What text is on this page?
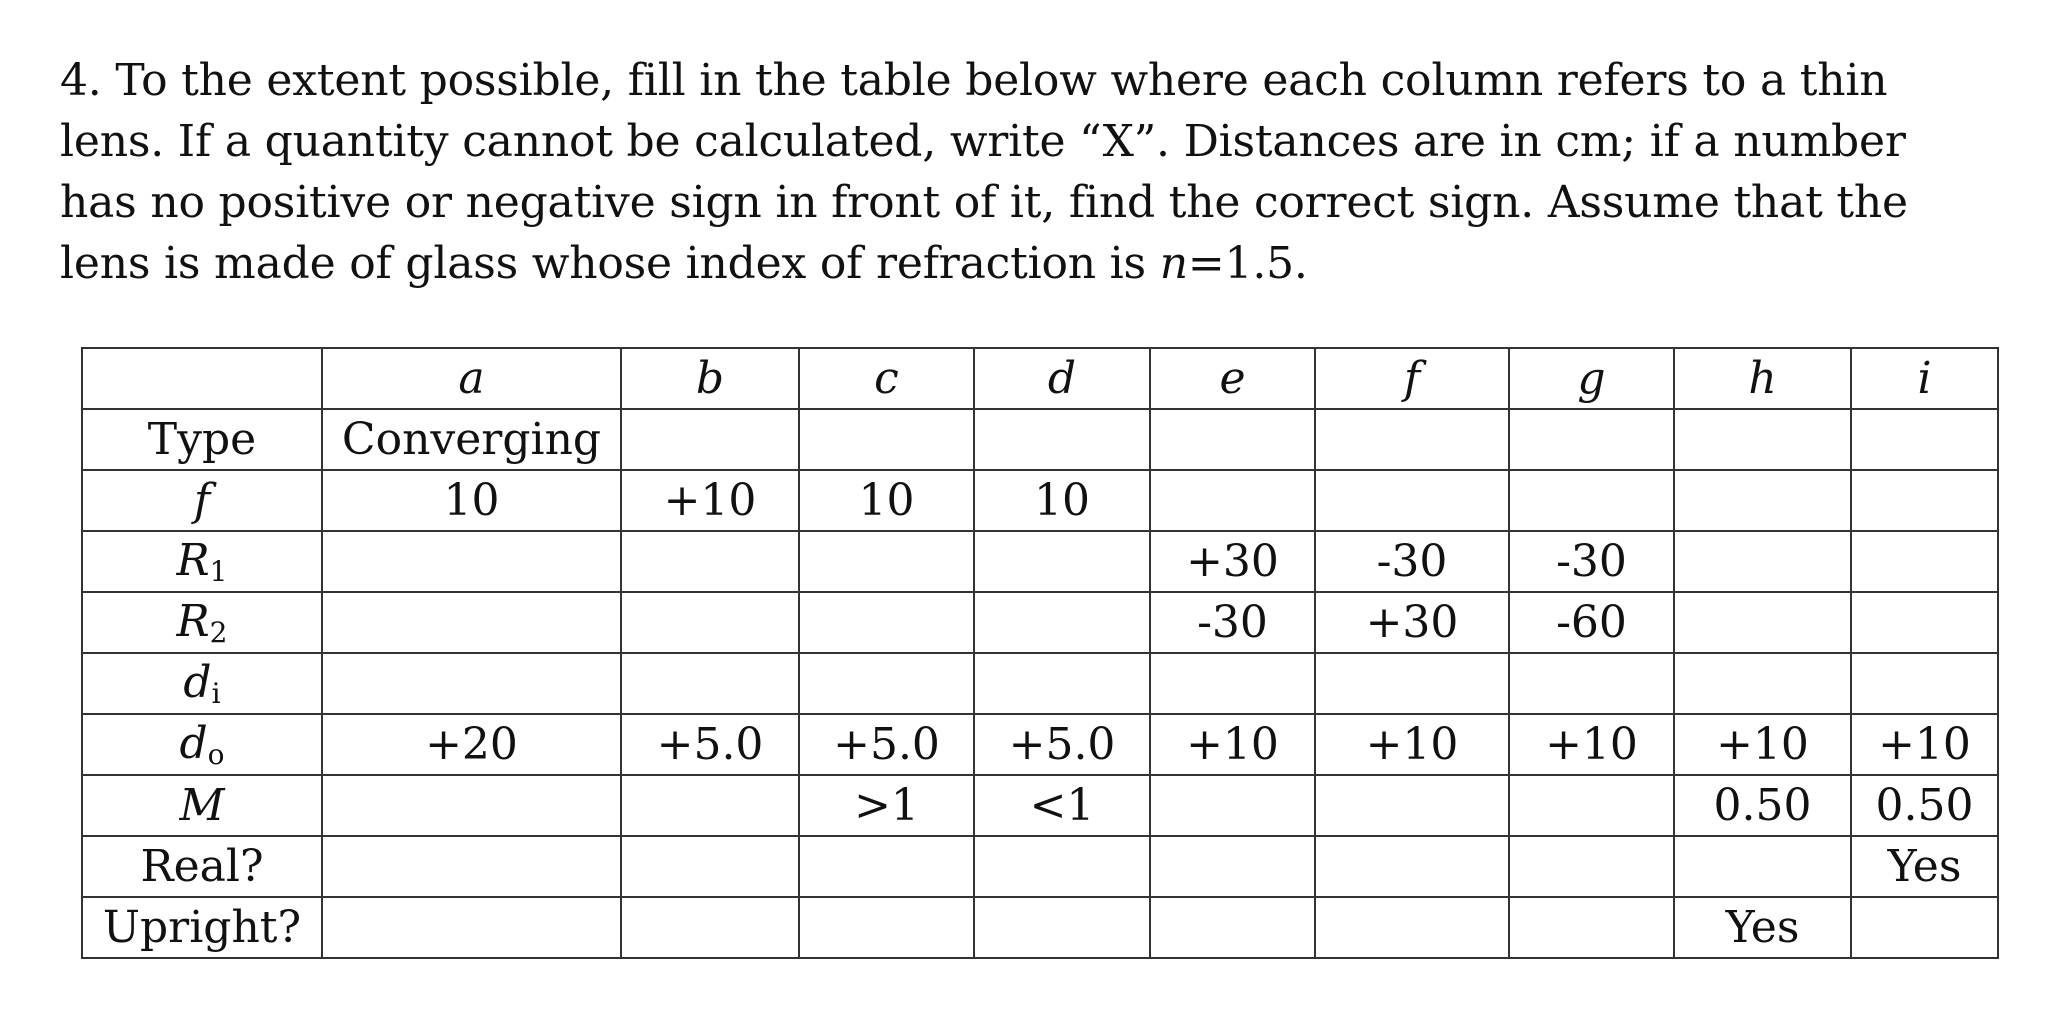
4. To the extent possible, fill in the table below where each column refers to a thin
lens. If a quantity cannot be calculated, write “X”. Distances are in cm; if a number
has no positive or negative sign in front of it, find the correct sign. Assume that the
lens is made of glass whose index of refraction is n=1.5.
	a	b	c	d	e	f	g	h	i
Type	Converging								
f	10	+10	10	10					
$R_1$					+30	-30	-30		
$R_2$					-30	+30	-60		
$d_i$									
$d_o$	+20	+5.0	+5.0	+5.0	+10	+10	+10	+10	+10
M			>1	<1				0.50	0.50
Real?									Yes
Upright?								Yes	
